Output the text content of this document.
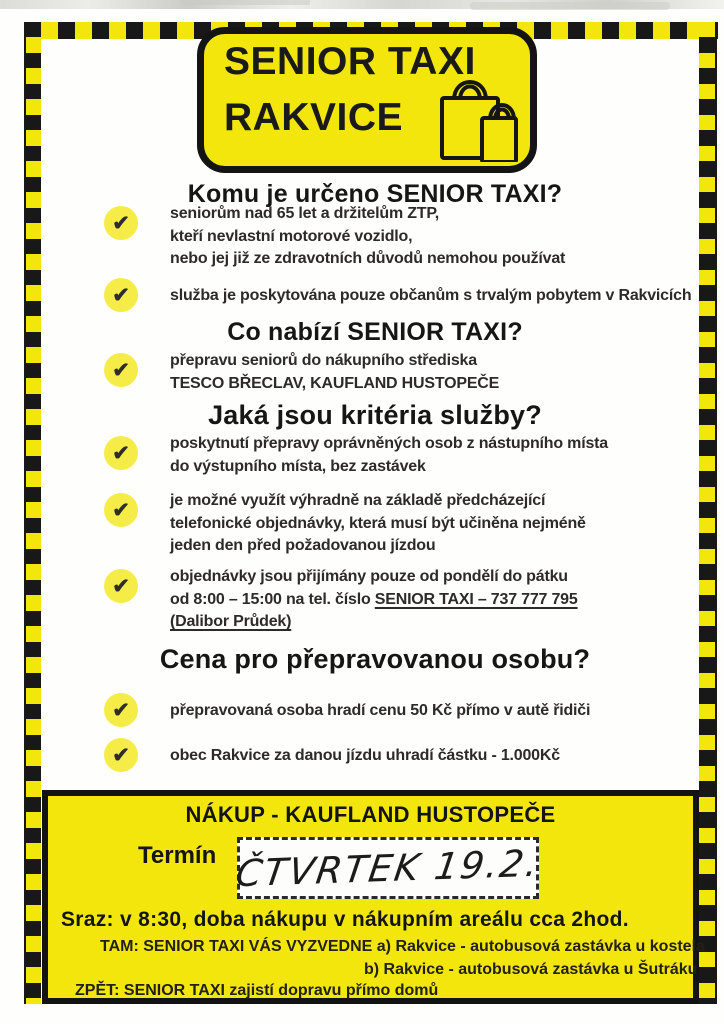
SENIOR TAXI
RAKVICE
Komu je určeno SENIOR TAXI?
✔	seniorům nad 65 let a držitelům ZTP,
kteří nevlastní motorové vozidlo,
nebo jej již ze zdravotních důvodů nemohou používat
✔	služba je poskytována pouze občanům s trvalým pobytem v Rakvicích
Co nabízí SENIOR TAXI?
✔	přepravu seniorů do nákupního střediska
TESCO BŘECLAV, KAUFLAND HUSTOPEČE
Jaká jsou kritéria služby?
✔	poskytnutí přepravy oprávněných osob z nástupního místa
do výstupního místa, bez zastávek
✔	je možné využít výhradně na základě předcházející
telefonické objednávky, která musí být učiněna nejméně
jeden den před požadovanou jízdou
✔	objednávky jsou přijímány pouze od pondělí do pátku
od 8:00 – 15:00 na tel. číslo SENIOR TAXI – 737 777 795
(Dalibor Průdek)
Cena pro přepravovanou osobu?
✔	přepravovaná osoba hradí cenu 50 Kč přímo v autě řidiči
✔	obec Rakvice za danou jízdu uhradí částku - 1.000Kč
NÁKUP - KAUFLAND HUSTOPEČE
Termín ČTVRTEK 19.2.
Sraz: v 8:30, doba nákupu v nákupním areálu cca 2hod.
TAM: SENIOR TAXI VÁS VYZVEDNE a) Rakvice - autobusová zastávka u kostela
b) Rakvice - autobusová zastávka u Šutráku
ZPĚT: SENIOR TAXI zajistí dopravu přímo domů
